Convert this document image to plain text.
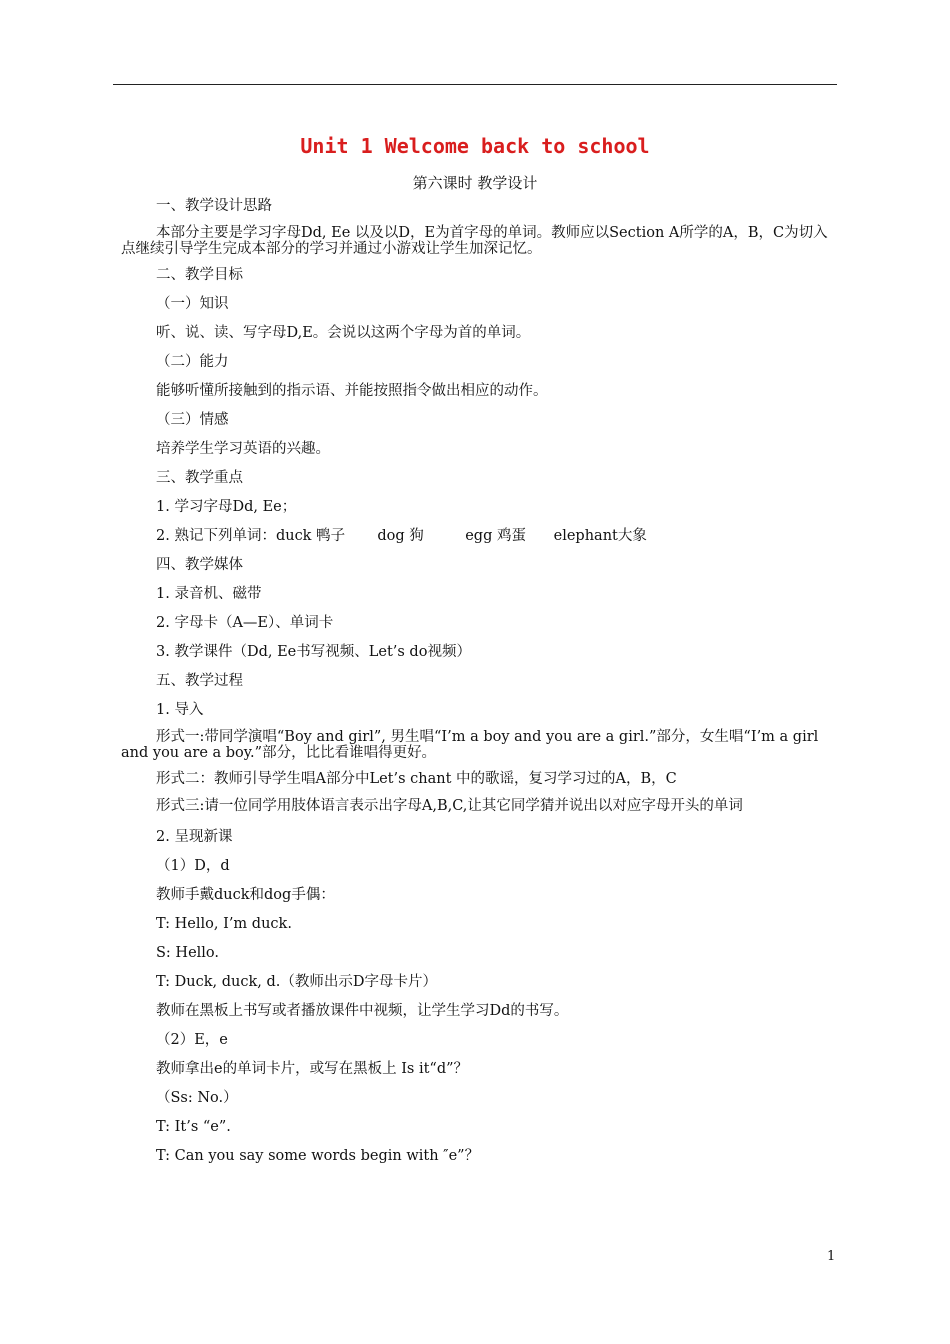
Unit 1 Welcome back to school
第六课时 教学设计

一、教学设计思路

本部分主要是学习字母Dd, Ee 以及以D，E为首字母的单词。教师应以Section A所学的A，B，C为切入点继续引导学生完成本部分的学习并通过小游戏让学生加深记忆。

二、教学目标

（一）知识

听、说、读、写字母D,E。会说以这两个字母为首的单词。

（二）能力

能够听懂所接触到的指示语、并能按照指令做出相应的动作。

（三）情感

培养学生学习英语的兴趣。

三、教学重点

1. 学习字母Dd, Ee；

2. 熟记下列单词：duck 鸭子       dog 狗         egg 鸡蛋      elephant大象

四、教学媒体

1. 录音机、磁带

2. 字母卡（A—E）、单词卡

3. 教学课件（Dd, Ee书写视频、Let’s do视频）

五、教学过程

1. 导入

形式一:带同学演唱“Boy and girl”, 男生唱“I’m a boy and you are a girl.”部分，女生唱“I’m a girl and you are a boy.”部分，比比看谁唱得更好。

形式二：教师引导学生唱A部分中Let’s chant 中的歌谣，复习学习过的A，B，C

形式三:请一位同学用肢体语言表示出字母A,B,C,让其它同学猜并说出以对应字母开头的单词

2. 呈现新课

（1）D，d

教师手戴duck和dog手偶：

T: Hello, I’m duck.

S: Hello.

T: Duck, duck, d.（教师出示D字母卡片）

教师在黑板上书写或者播放课件中视频，让学生学习Dd的书写。

（2）E，e

教师拿出e的单词卡片，或写在黑板上 Is it“d”？

（Ss: No.）

T: It’s “e”.

T: Can you say some words begin with ″e”？

1
